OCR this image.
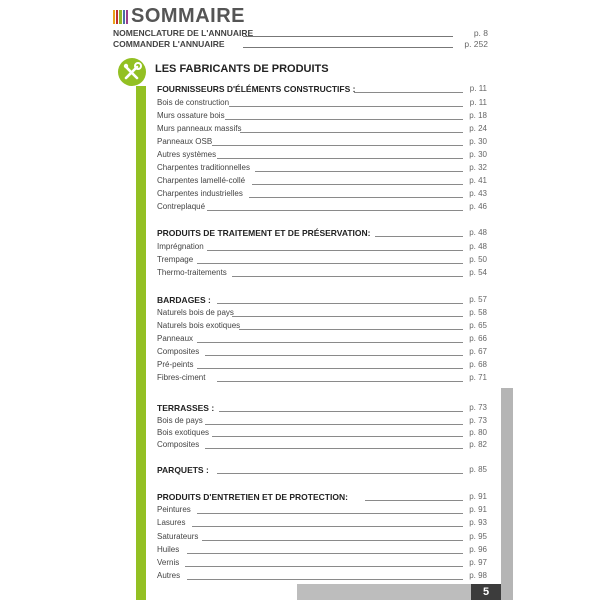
SOMMAIRE
NOMENCLATURE DE L'ANNUAIRE	p. 8
COMMANDER L'ANNUAIRE	p. 252
LES FABRICANTS DE PRODUITS
FOURNISSEURS D'ÉLÉMENTS CONSTRUCTIFS :	p. 11
Bois de construction	p. 11
Murs ossature bois	p. 18
Murs panneaux massifs	p. 24
Panneaux OSB	p. 30
Autres systèmes	p. 30
Charpentes traditionnelles	p. 32
Charpentes lamellé-collé	p. 41
Charpentes industrielles	p. 43
Contreplaqué	p. 46
PRODUITS DE TRAITEMENT ET DE PRÉSERVATION:	p. 48
Imprégnation	p. 48
Trempage	p. 50
Thermo-traitements	p. 54
BARDAGES :	p. 57
Naturels bois de pays	p. 58
Naturels bois exotiques	p. 65
Panneaux	p. 66
Composites	p. 67
Pré-peints	p. 68
Fibres-ciment	p. 71
TERRASSES :	p. 73
Bois de pays	p. 73
Bois exotiques	p. 80
Composites	p. 82
PARQUETS :	p. 85
PRODUITS D'ENTRETIEN ET DE PROTECTION:	p. 91
Peintures	p. 91
Lasures	p. 93
Saturateurs	p. 95
Huiles	p. 96
Vernis	p. 97
Autres	p. 98
5
